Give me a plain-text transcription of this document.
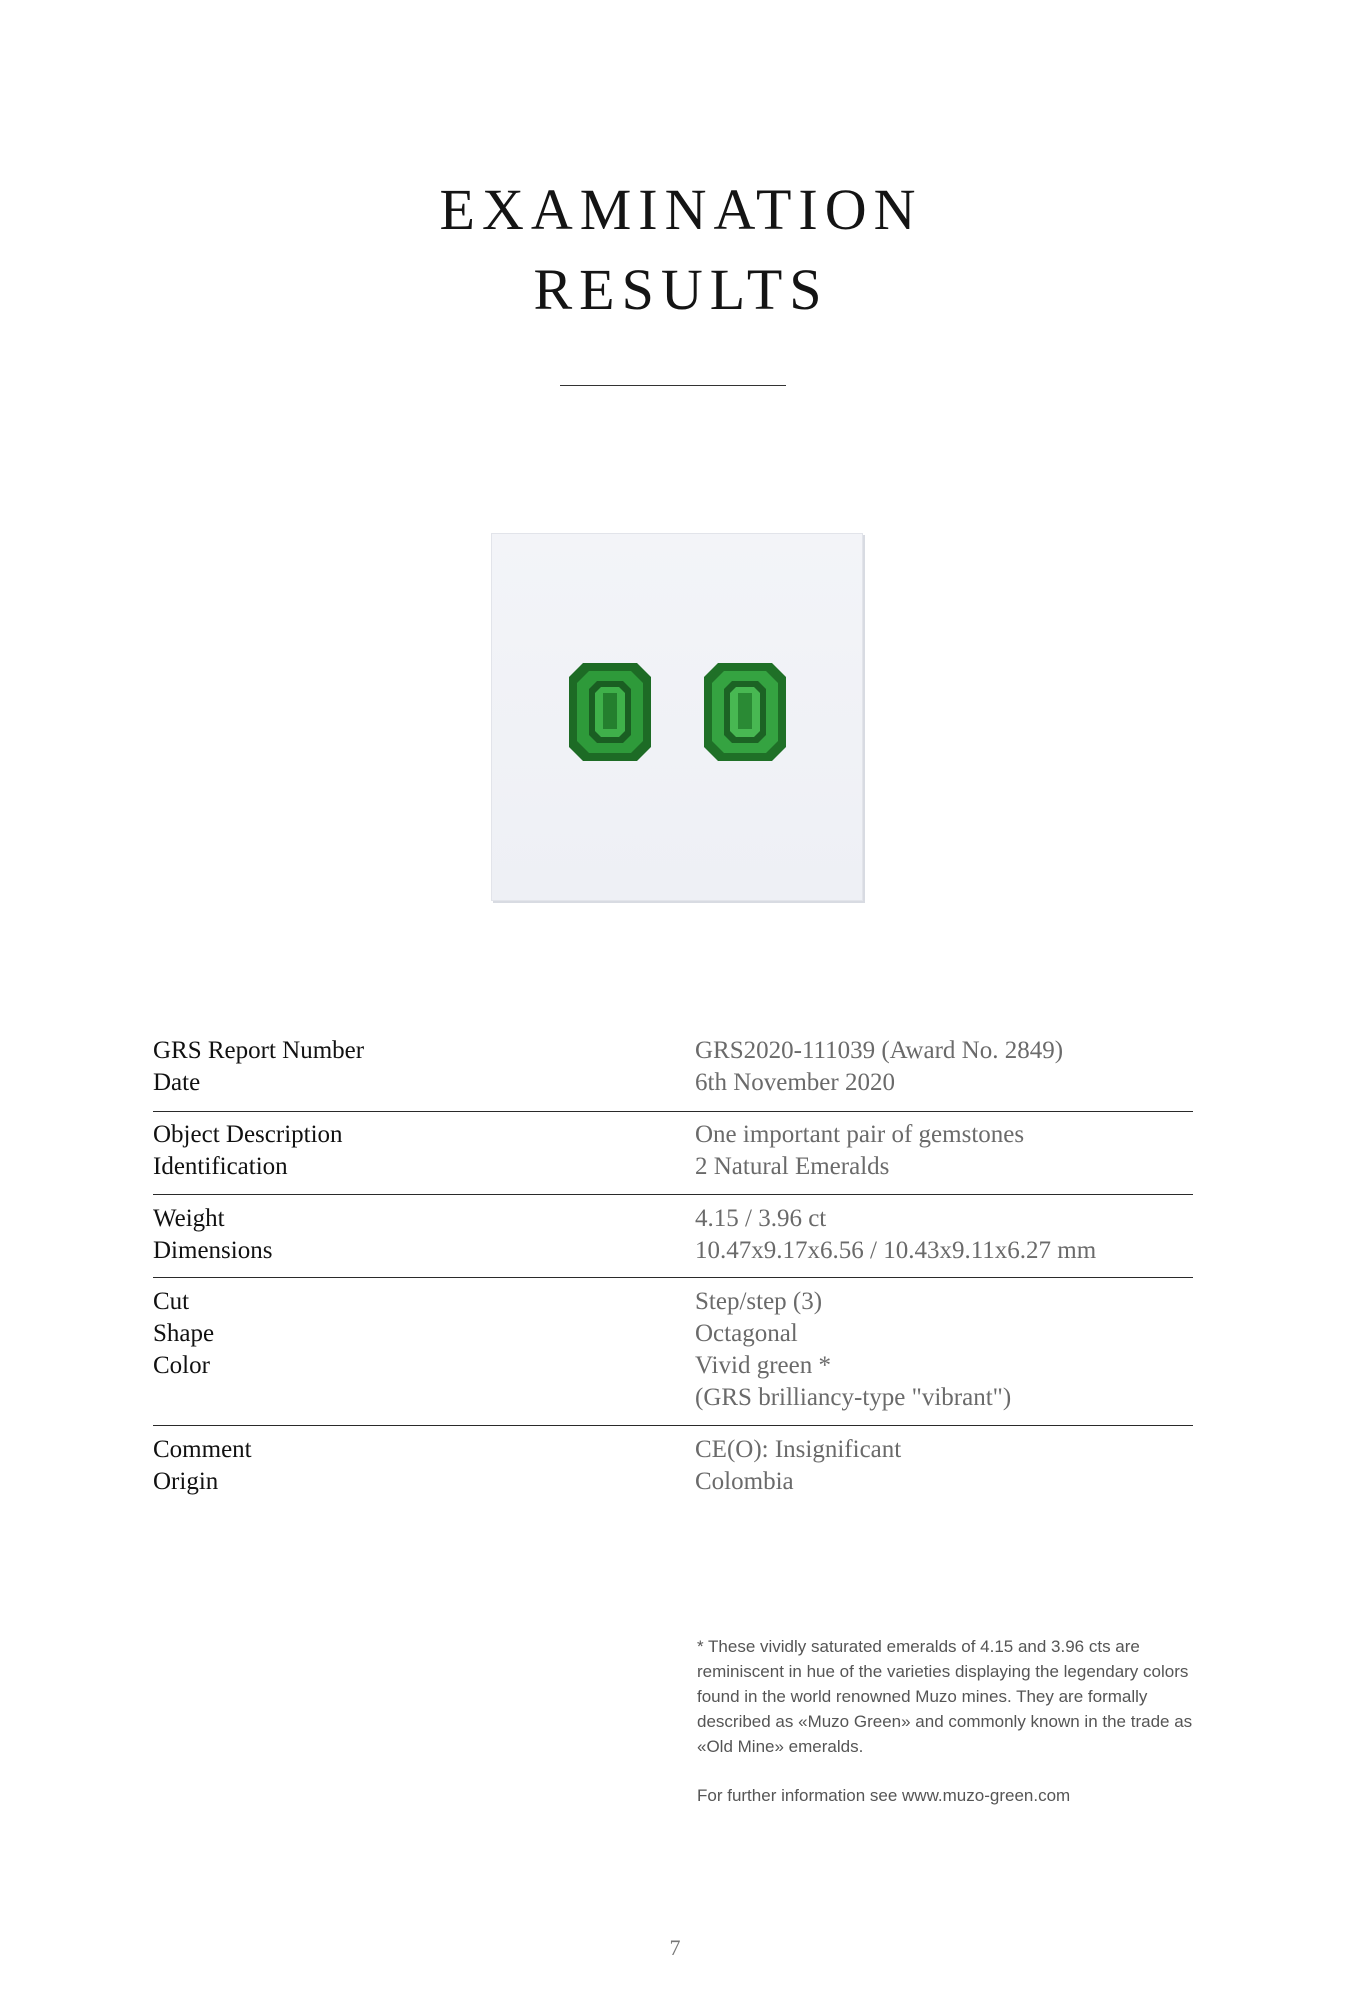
EXAMINATION
RESULTS
GRS Report Number	GRS2020-111039 (Award No. 2849)
Date	6th November 2020
Object Description	One important pair of gemstones
Identification	2 Natural Emeralds
Weight	4.15 / 3.96 ct
Dimensions	10.47x9.17x6.56 / 10.43x9.11x6.27 mm
Cut	Step/step (3)
Shape	Octagonal
Color	Vivid green *
(GRS brilliancy-type "vibrant")
Comment	CE(O): Insignificant
Origin	Colombia
* These vividly saturated emeralds of 4.15 and 3.96 cts are reminiscent in hue of the varieties displaying the legendary colors found in the world renowned Muzo mines. They are formally described as «Muzo Green» and commonly known in the trade as «Old Mine» emeralds.
For further information see www.muzo-green.com
7
